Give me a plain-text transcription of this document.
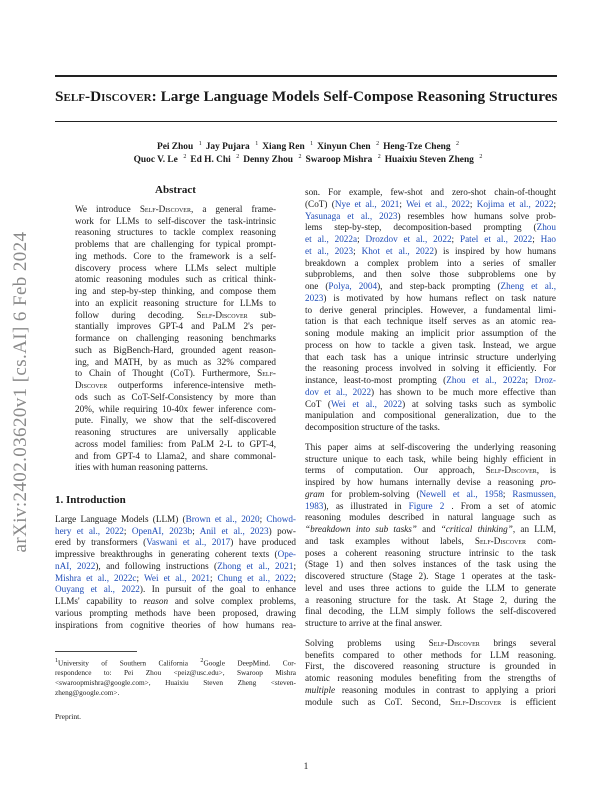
Self-Discover: Large Language Models Self-Compose Reasoning Structures
Pei Zhou $^1$ Jay Pujara $^1$ Xiang Ren $^1$ Xinyun Chen $^2$ Heng-Tze Cheng $^2$
Quoc V. Le $^2$ Ed H. Chi $^2$ Denny Zhou $^2$ Swaroop Mishra $^2$ Huaixiu Steven Zheng $^2$
arXiv:2402.03620v1 [cs.AI] 6 Feb 2024
Abstract
We introduce Self-Discover, a general frame-
work for LLMs to self-discover the task-intrinsic
reasoning structures to tackle complex reasoning
problems that are challenging for typical prompt-
ing methods. Core to the framework is a self-
discovery process where LLMs select multiple
atomic reasoning modules such as critical think-
ing and step-by-step thinking, and compose them
into an explicit reasoning structure for LLMs to
follow during decoding. Self-Discover sub-
stantially improves GPT-4 and PaLM 2's per-
formance on challenging reasoning benchmarks
such as BigBench-Hard, grounded agent reason-
ing, and MATH, by as much as 32% compared
to Chain of Thought (CoT). Furthermore, Self-
Discover outperforms inference-intensive meth-
ods such as CoT-Self-Consistency by more than
20%, while requiring 10-40x fewer inference com-
pute. Finally, we show that the self-discovered
reasoning structures are universally applicable
across model families: from PaLM 2-L to GPT-4,
and from GPT-4 to Llama2, and share commonal-
ities with human reasoning patterns.
1. Introduction
Large Language Models (LLM) (Brown et al., 2020; Chowd-
hery et al., 2022; OpenAI, 2023b; Anil et al., 2023) pow-
ered by transformers (Vaswani et al., 2017) have produced
impressive breakthroughs in generating coherent texts (Ope-
nAI, 2022), and following instructions (Zhong et al., 2021;
Mishra et al., 2022c; Wei et al., 2021; Chung et al., 2022;
Ouyang et al., 2022). In pursuit of the goal to enhance
LLMs' capability to reason and solve complex problems,
various prompting methods have been proposed, drawing
inspirations from cognitive theories of how humans rea-
$^1$University of Southern California $^2$Google DeepMind. Cor-
respondence to: Pei Zhou <peiz@usc.edu>, Swaroop Mishra
<swaroopmishra@google.com>, Huaixiu Steven Zheng <steven-
zheng@google.com>.
Preprint.
son. For example, few-shot and zero-shot chain-of-thought
(CoT) (Nye et al., 2021; Wei et al., 2022; Kojima et al., 2022;
Yasunaga et al., 2023) resembles how humans solve prob-
lems step-by-step, decomposition-based prompting (Zhou
et al., 2022a; Drozdov et al., 2022; Patel et al., 2022; Hao
et al., 2023; Khot et al., 2022) is inspired by how humans
breakdown a complex problem into a series of smaller
subproblems, and then solve those subproblems one by
one (Polya, 2004), and step-back prompting (Zheng et al.,
2023) is motivated by how humans reflect on task nature
to derive general principles. However, a fundamental limi-
tation is that each technique itself serves as an atomic rea-
soning module making an implicit prior assumption of the
process on how to tackle a given task. Instead, we argue
that each task has a unique intrinsic structure underlying
the reasoning process involved in solving it efficiently. For
instance, least-to-most prompting (Zhou et al., 2022a; Droz-
dov et al., 2022) has shown to be much more effective than
CoT (Wei et al., 2022) at solving tasks such as symbolic
manipulation and compositional generalization, due to the
decomposition structure of the tasks.
This paper aims at self-discovering the underlying reasoning
structure unique to each task, while being highly efficient in
terms of computation. Our approach, Self-Discover, is
inspired by how humans internally devise a reasoning pro-
gram for problem-solving (Newell et al., 1958; Rasmussen,
1983), as illustrated in Figure 2 . From a set of atomic
reasoning modules described in natural language such as
“breakdown into sub tasks” and “critical thinking”, an LLM,
and task examples without labels, Self-Discover com-
poses a coherent reasoning structure intrinsic to the task
(Stage 1) and then solves instances of the task using the
discovered structure (Stage 2). Stage 1 operates at the task-
level and uses three actions to guide the LLM to generate
a reasoning structure for the task. At Stage 2, during the
final decoding, the LLM simply follows the self-discovered
structure to arrive at the final answer.
Solving problems using Self-Discover brings several
benefits compared to other methods for LLM reasoning.
First, the discovered reasoning structure is grounded in
atomic reasoning modules benefiting from the strengths of
multiple reasoning modules in contrast to applying a priori
module such as CoT. Second, Self-Discover is efficient
1
